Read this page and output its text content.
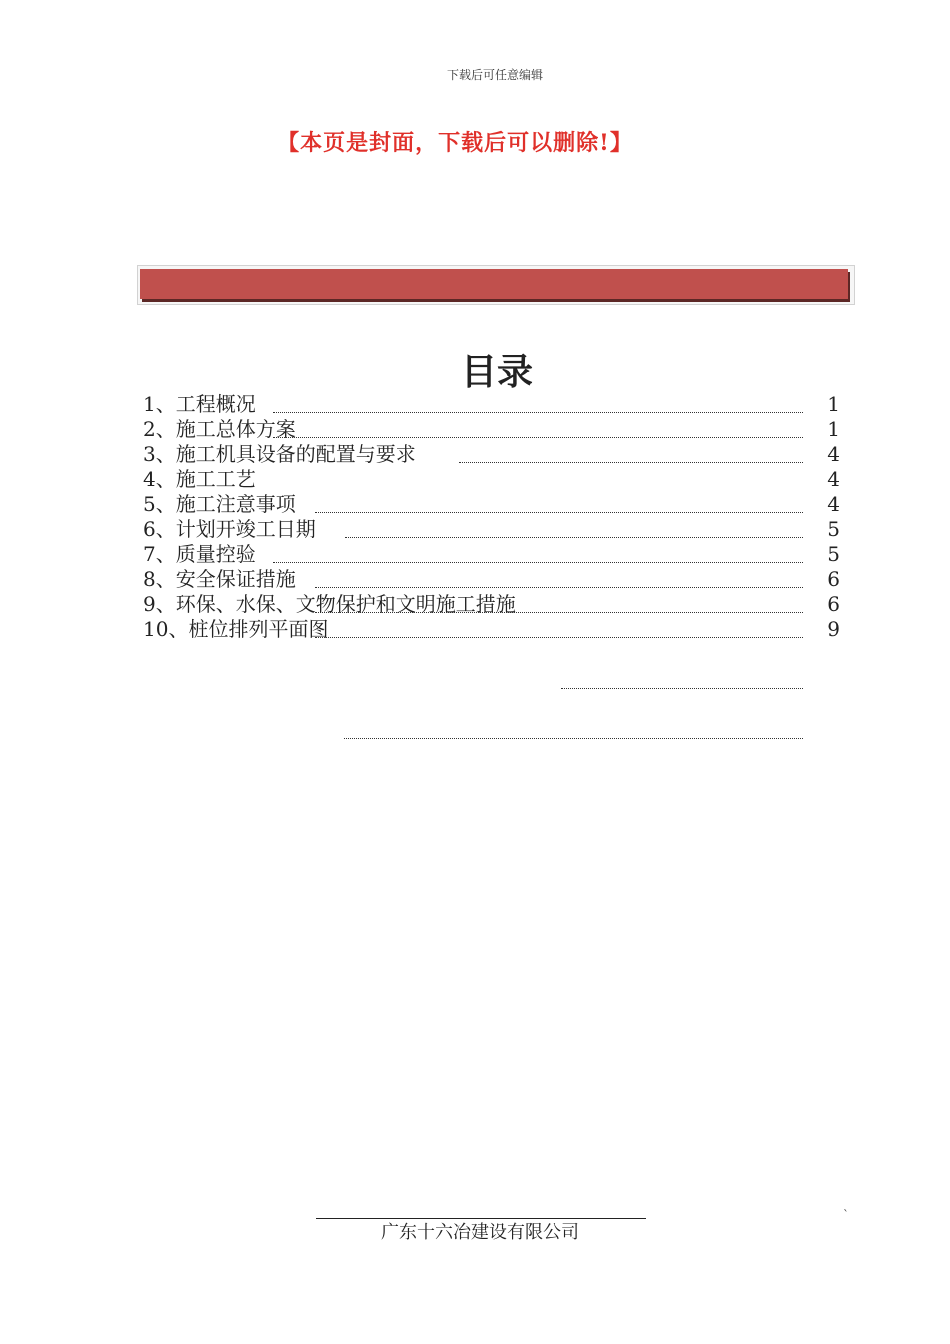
下载后可任意编辑
【本页是封面，下载后可以删除!】
目录
1、工程概况	1
2、施工总体方案	1
3、施工机具设备的配置与要求	4
4、施工工艺	4
5、施工注意事项	4
6、计划开竣工日期	5
7、质量控验	5
8、安全保证措施	6
9、环保、水保、文物保护和文明施工措施	6
10、桩位排列平面图	9
`
广东十六冶建设有限公司
